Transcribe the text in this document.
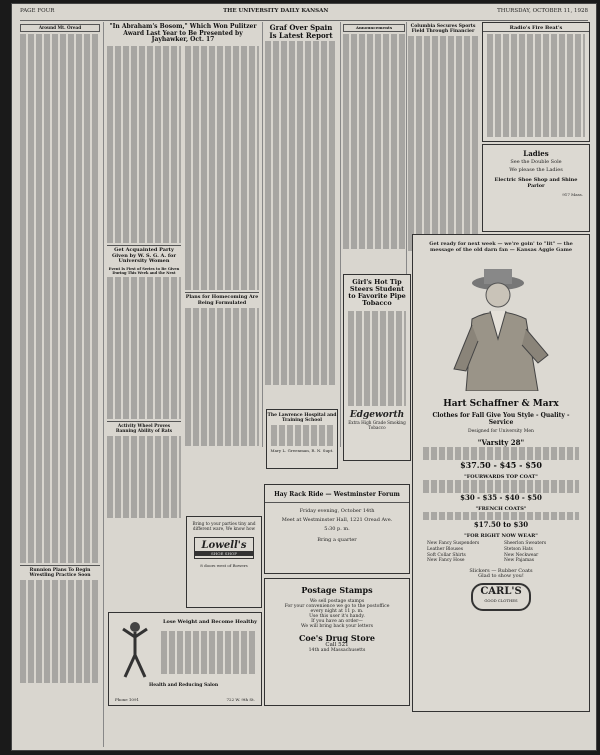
PAGE FOUR	THE UNIVERSITY DAILY KANSAN	THURSDAY, OCTOBER 11, 1928
Around Mt. Oread
Runnion Plans To Begin Wrestling Practice Soon
"In Abraham's Bosom," Which Won Pulitzer Award Last Year to Be Presented by Jayhawker, Oct. 17
Get Acquainted Party Given by W. S. G. A. for University Women
Event Is First of Series to Be Given During This Week and the Next
Activity Wheel Proves Banning Ability of Rats
Plans for Homecoming Are Being Formulated
Bring to your parties tiny and different ware, We know how
Lowell's
SHOE SHOP
8 doors west of Bowers
Lose Weight and Become Healthy
Health and Reducing Salon
Phone 1091	722 W. 9th St.
Graf Over Spain Is Latest Report
The Lawrence Hospital and Training School
Mary L. Greenman, R. N. Supt.
Announcements	Columbia Secures Sports Field Through Financier
Girl's Hot Tip Steers Student to Favorite Pipe Tobacco
Edgeworth
Extra High Grade Smoking Tobacco
Radio's Fire Beat's
Ladies
See the Double Sole
We please the Ladies
Electric Shoe Shop and Shine Parlor
917 Mass.
Get ready for next week — we're goin' to "lit" — the message of the old darn fan — Kansas Aggie Game
Hart Schaffner & Marx
Clothes for Fall Give You Style - Quality - Service
Designed for University Men
"Varsity 28"
$37.50 - $45 - $50
"FOURWARDS TOP COAT"
$30 - $35 - $40 - $50
"FRENCH COATS"
$17.50 to $30
"FOR RIGHT NOW WEAR"
New Fancy Suspenders	Sheerlon Sweaters
Leather Blouses	Stetson Hats
Soft Collar Shirts	New Neckwear
New Fancy Hose	New Pajamas
Slickers — Rubber Coats
Glad to show you!
CARL'S
GOOD CLOTHES
Hay Rack Ride — Westminster Forum
Friday evening, October 14th
Meet at Westminster Hall, 1221 Oread Ave.
5:30 p. m.
Bring a quarter
Postage Stamps
We sell postage stamps
For your convenience we go to the postoffice
every night at 11 p. m.
Use this user it's handy.
If you have an order—
We will bring back your letters
Coe's Drug Store
Call 521
14th and Massachusetts
